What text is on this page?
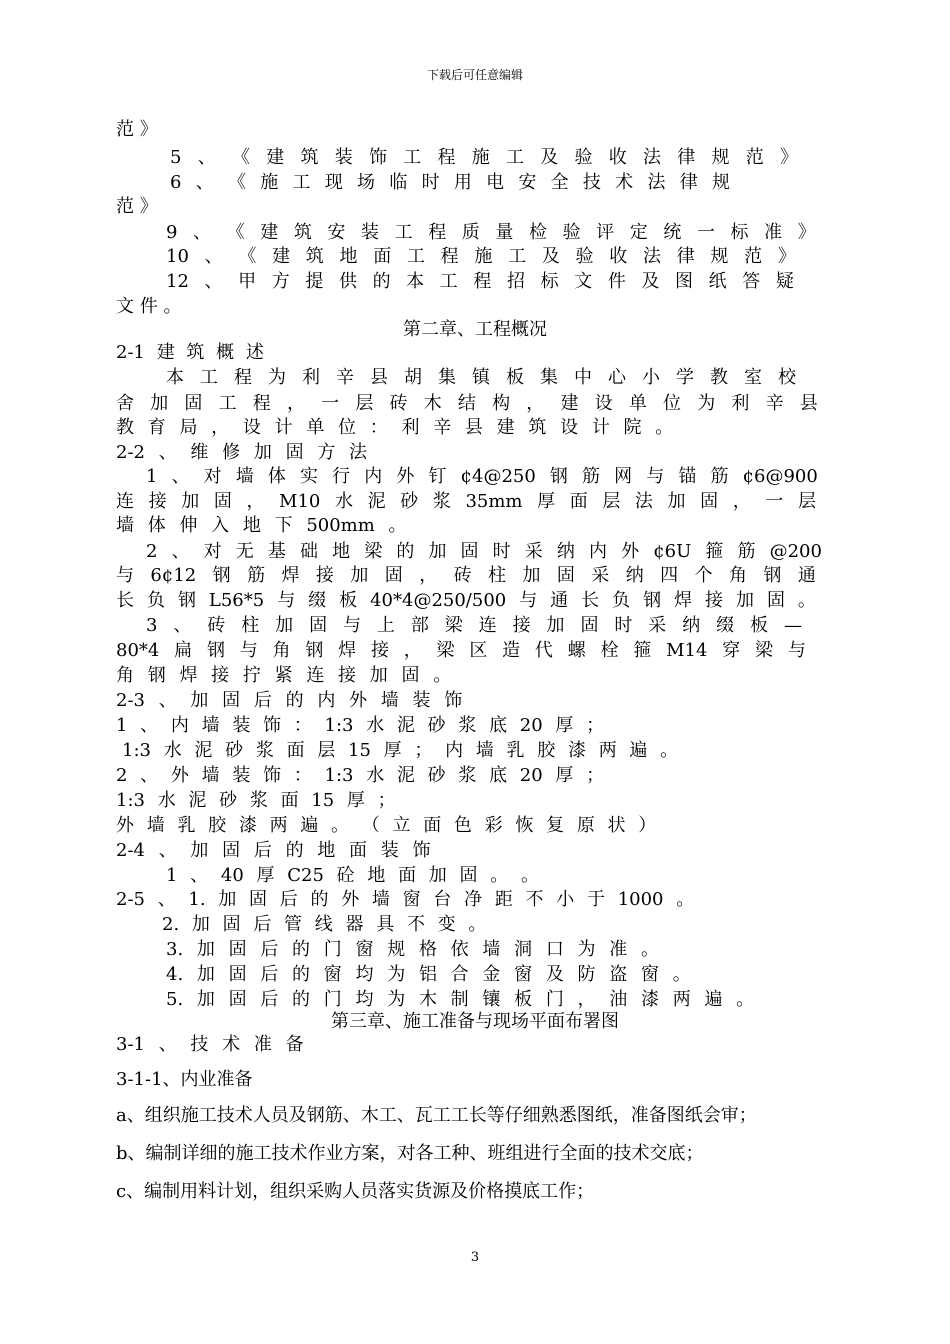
下载后可任意编辑
范 》
5 、 《 建 筑 装 饰 工 程 施 工 及 验 收 法 律 规 范 》
6 、 《 施 工 现 场 临 时 用 电 安 全 技 术 法 律 规
范 》
9 、 《 建 筑 安 装 工 程 质 量 检 验 评 定 统 一 标 准 》
10 、 《 建 筑 地 面 工 程 施 工 及 验 收 法 律 规 范 》
12 、 甲 方 提 供 的 本 工 程 招 标 文 件 及 图 纸 答 疑
文 件 。
第二章、工程概况
2-1 建 筑 概 述
本 工 程 为 利 辛 县 胡 集 镇 板 集 中 心 小 学 教 室 校
舍 加 固 工 程 ， 一 层 砖 木 结 构 ， 建 设 单 位 为 利 辛 县
教 育 局 ， 设 计 单 位 ： 利 辛 县 建 筑 设 计 院 。
2-2 、 维 修 加 固 方 法
1 、 对 墙 体 实 行 内 外 钉 ¢4@250 钢 筋 网 与 锚 筋 ¢6@900
连 接 加 固 ， M10 水 泥 砂 浆 35mm 厚 面 层 法 加 固 ， 一 层
墙 体 伸 入 地 下 500mm 。
2 、 对 无 基 础 地 梁 的 加 固 时 采 纳 内 外 ¢6U 箍 筋 @200
与 6¢12 钢 筋 焊 接 加 固 ， 砖 柱 加 固 采 纳 四 个 角 钢 通
长 负 钢 L56*5 与 缀 板 40*4@250/500 与 通 长 负 钢 焊 接 加 固 。
3 、 砖 柱 加 固 与 上 部 梁 连 接 加 固 时 采 纳 缀 板 —
80*4 扁 钢 与 角 钢 焊 接 ， 梁 区 造 代 螺 栓 箍 M14 穿 梁 与
角 钢 焊 接 拧 紧 连 接 加 固 。
2-3 、 加 固 后 的 内 外 墙 装 饰
1 、 内 墙 装 饰 ： 1:3 水 泥 砂 浆 底 20 厚 ；
1:3 水 泥 砂 浆 面 层 15 厚 ； 内 墙 乳 胶 漆 两 遍 。
2 、 外 墙 装 饰 ： 1:3 水 泥 砂 浆 底 20 厚 ；
1:3 水 泥 砂 浆 面 15 厚 ；
外 墙 乳 胶 漆 两 遍 。 （ 立 面 色 彩 恢 复 原 状 ）
2-4 、 加 固 后 的 地 面 装 饰
1 、 40 厚 C25 砼 地 面 加 固 。 。
2-5 、 1. 加 固 后 的 外 墙 窗 台 净 距 不 小 于 1000 。
2. 加 固 后 管 线 器 具 不 变 。
3. 加 固 后 的 门 窗 规 格 依 墙 洞 口 为 准 。
4. 加 固 后 的 窗 均 为 铝 合 金 窗 及 防 盗 窗 。
5. 加 固 后 的 门 均 为 木 制 镶 板 门 ， 油 漆 两 遍 。
第三章、施工准备与现场平面布署图
3-1 、 技 术 准 备
3-1-1、内业准备
a、组织施工技术人员及钢筋、木工、瓦工工长等仔细熟悉图纸，准备图纸会审；
b、编制详细的施工技术作业方案，对各工种、班组进行全面的技术交底；
c、编制用料计划，组织采购人员落实货源及价格摸底工作；
3
